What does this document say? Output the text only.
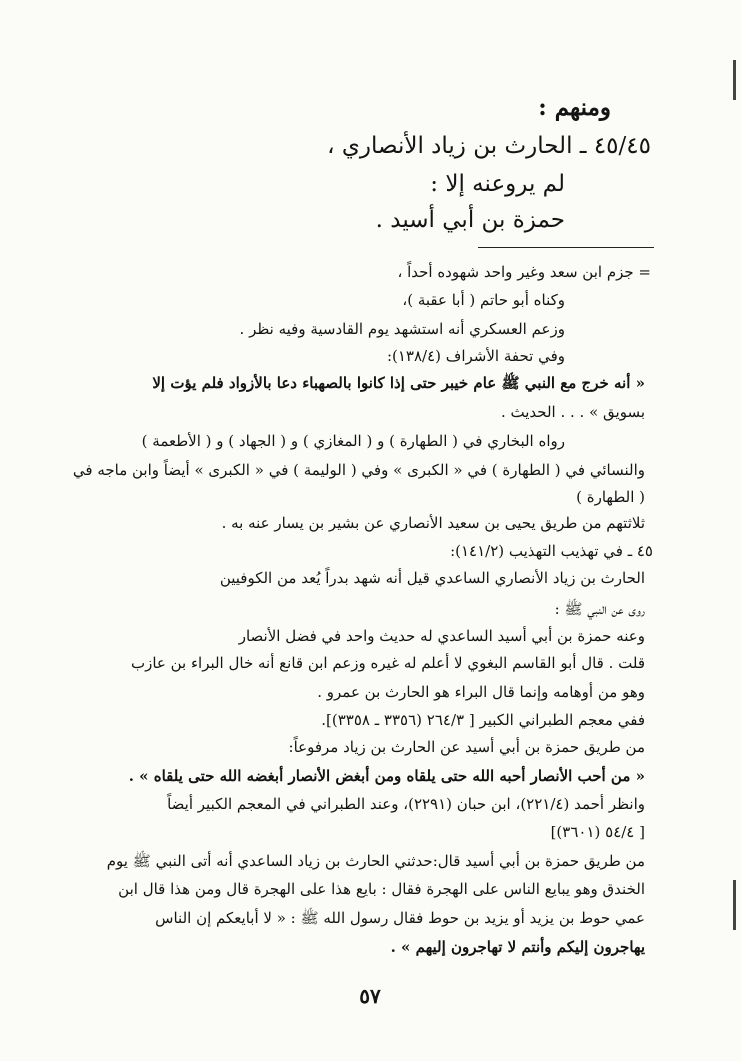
ومنهم :
٤٥/٤٥ ـ الحارث بن زياد الأنصاري ،
لم يروعنه إلا :
حمزة بن أبي أسيد .
= جزم ابن سعد وغير واحد شهوده أحداً ،
وكناه أبو حاتم ( أبا عقبة )،
وزعم العسكري أنه استشهد يوم القادسية وفيه نظر .
وفي تحفة الأشراف (١٣٨/٤):
« أنه خرج مع النبي ﷺ عام خيبر حتى إذا كانوا بالصهباء دعا بالأزواد فلم يؤت إلا
بسويق » . . . الحديث .
رواه البخاري في ( الطهارة ) و ( المغازي ) و ( الجهاد ) و ( الأطعمة )
والنسائي في ( الطهارة ) في « الكبرى » وفي ( الوليمة ) في « الكبرى » أيضاً وابن ماجه في
( الطهارة )
ثلاثتهم من طريق يحيى بن سعيد الأنصاري عن بشير بن يسار عنه به .
٤٥ ـ في تهذيب التهذيب (١٤١/٢):
الحارث بن زياد الأنصاري الساعدي قيل أنه شهد بدراً يُعد من الكوفيين
روى عن النبي ﷺ :
وعنه حمزة بن أبي أسيد الساعدي له حديث واحد في فضل الأنصار
قلت . قال أبو القاسم البغوي لا أعلم له غيره وزعم ابن قانع أنه خال البراء بن عازب
وهو من أوهامه وإنما قال البراء هو الحارث بن عمرو .
ففي معجم الطبراني الكبير [ ٢٦٤/٣ (٣٣٥٦ ـ ٣٣٥٨)].
من طريق حمزة بن أبي أسيد عن الحارث بن زياد مرفوعاً:
« من أحب الأنصار أحبه الله حتى يلقاه ومن أبغض الأنصار أبغضه الله حتى يلقاه » .
وانظر أحمد (٢٢١/٤)، ابن حبان (٢٢٩١)، وعند الطبراني في المعجم الكبير أيضاً
[ ٥٤/٤ (٣٦٠١)]
من طريق حمزة بن أبي أسيد قال:حدثني الحارث بن زياد الساعدي أنه أتى النبي ﷺ يوم
الخندق وهو يبايع الناس على الهجرة فقال : بايع هذا على الهجرة قال ومن هذا قال ابن
عمي حوط بن يزيد أو يزيد بن حوط فقال رسول الله ﷺ : « لا أبايعكم إن الناس
يهاجرون إليكم وأنتم لا تهاجرون إليهم » .
٥٧
